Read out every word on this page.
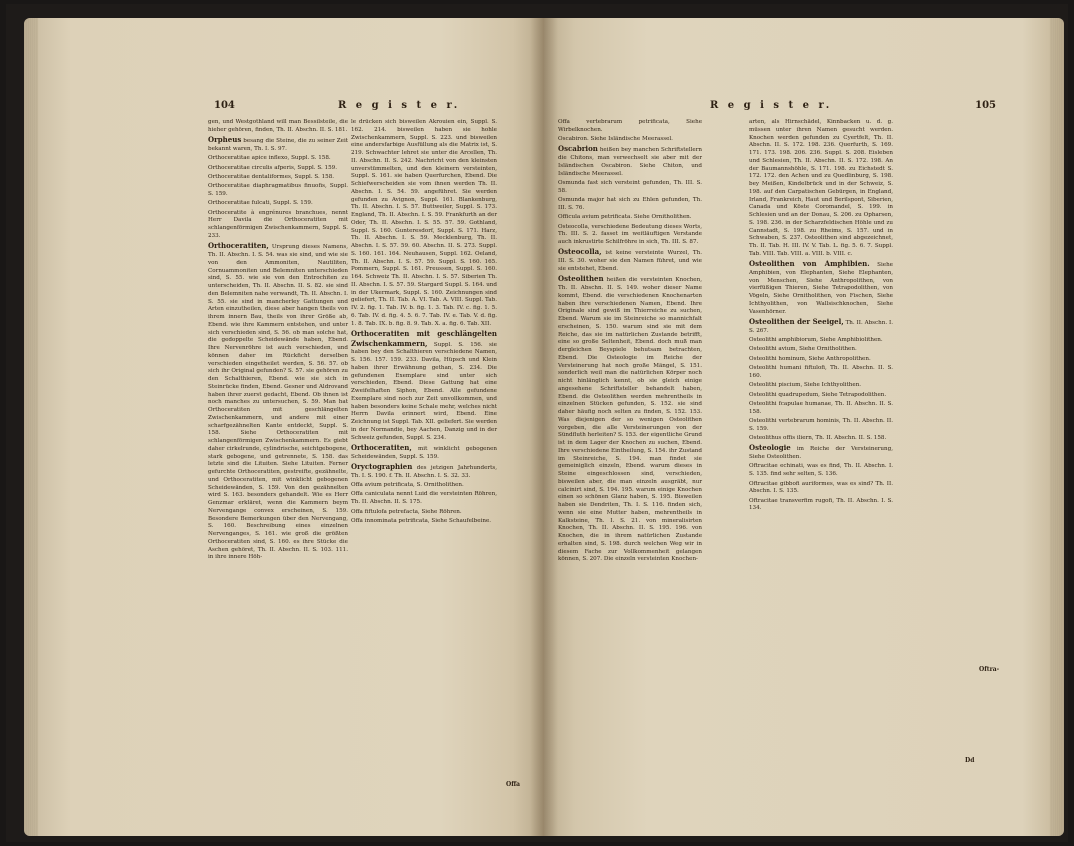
104	R e g i s t e r.

gen, und Westgothland will man Bessilsteile, die hieher gehören, finden, Th. II. Abschn. II. S. 181.

Orpheus besang die Steine, die zu seiner Zeit bekannt waren, Th. I. S. 97.

Orthoceratitae apice inflexo, Suppl. S. 158.

Orthoceratitae circulis afperis, Suppl. S. 159.

Orthoceratitae dentaliformes, Suppl. S. 158.

Orthoceratitae diaphragmatibus finuofis, Suppl. S. 159.

Orthoceratitae fulcati, Suppl. S. 159.

Orthoceratite à engrénures branchues, nennt Herr Davila die Orthoceratiten mit schlangenförmigen Zwischenkammern, Suppl. S. 233.

Orthoceratiten, Ursprung dieses Namens, Th. II. Abschn. I. S. 54. was sie sind, und wie sie von den Ammoniten, Nautiliten, Cornuammoniten und Belemniten unterschieden sind, S. 55. wie sie von den Entrochiten zu unterscheiden, Th. II. Abschn. II. S. 82. sie sind den Belemniten nahe verwandt, Th. II. Abschn. I. S. 55. sie sind in mancherley Gattungen und Arten einzutheilen, diese aber hangen theils von ihrem innern Bau, theils von ihrer Größe ab, Ebend. wie ihre Kammern entstehen, und unter sich verschieden sind, S. 56. ob man solche hat, die gedoppelte Scheidewände haben, Ebend. Ihre Nervenröhre ist auch verschieden, und können daher im Rückficht derselben verschieden eingetheilet werden, S. 56. 57. ob sich ihr Original gefunden? S. 57. sie gehören zu den Schalthieren, Ebend. wie sie sich in Steinrücke finden, Ebend. Gesner und Aldrovand haben ihrer zuerst gedacht, Ebend. Ob ihnen ist noch manches zu untersuchen, S. 59. Man hat Orthoceratiten mit geschlängelten Zwischenkammern, und andere mit einer scharfgezähnelten Kante entdeckt, Suppl. S. 158. Siehe Orthoceratiten mit schlangenförmigen Zwischenkammern. Es giebt daher cirkelrunde, cylindrische, seichtgebogene, stark gebogene, und getrennete, S. 158. das letzte sind die Lituiten. Siehe Lituiten. Ferner gefurchte Orthoceratiten, gestreifte, gezähnelte, und Orthoceratiten, mit winklicht gebogenen Scheidewänden, S. 159. Von den gezähnelten wird S. 163. besonders gehandelt. Wie es Herr Genzmar erkläret, wenn die Kammern beym Nervengange convex erscheinen, S. 159. Besondere Bemerkungen über den Nervengang, S. 160. Beschreibung eines einzelnen Nervenganges, S. 161. wie groß die größten Orthoceratiten sind, S. 160. es ihre Stücke die Aschen gehöret, Th. II. Abschn. II. S. 103. 111. in ihre innere Höh-

le drücken sich bisweilen Akrouien ein, Suppl. S. 162. 214. bisweilen haben sie hohle Zwischenkammern, Suppl. S. 223. und bisweilen eine andersfarbige Ausfüllung als die Matrix ist, S. 219. Schwachter lehret sie unter die Arcellen, Th. II. Abschn. II. S. 242. Nachricht von den kleinsten unverstümmelten, und den kleinern versteinten, Suppl. S. 161. sie haben Querfurchen, Ebend. Die Schiefwerscheiden sie vom ihnen werden Th. II. Abschn. I. S. 54. 59. angeführet. Sie werden gefunden zu Avignon, Suppl. 161. Blankenburg, Th. II. Abschn. I. S. 57. Buttweiler, Suppl. S. 173. England, Th. II. Abschn. I. S. 59. Frankfurth an der Oder, Th. II. Abschn. I. S. 55. 57. 59. Gothland, Suppl. S. 160. Gunteresdorf, Suppl. S. 171. Harz, Th. II. Abschn. I. S. 59. Mecklenburg, Th. II. Abschn. I. S. 57. 59. 60. Abschn. II. S. 273. Suppl. S. 160. 161. 164. Neuhausen, Suppl. 162. Oeland, Th. II. Abschn. I. S. 57. 59. Suppl. S. 160. 165. Pommern, Suppl. S. 161. Preussen, Suppl. S. 160. 164. Schweiz Th. II. Abschn. I. S. 57. Siberien Th. II. Abschn. I. S. 57. 59. Stargard Suppl. S. 164. und in der Ukermark, Suppl. S. 160. Zeichnungen sind geliefert, Th. II. Tab. A. VI. Tab. A. VIII. Suppl. Tab. IV. 2. fig. 1. Tab. IV. b. fig. 1. 3. Tab. IV. c. fig. 1. 5. 6. Tab. IV. d. fig. 4. 5. 6. 7. Tab. IV. e. Tab. V. d. fig. 1. 8. Tab. IX. b. fig. 8. 9. Tab. X. a. fig. 6. Tab. XII.

Orthoceratiten mit geschlängelten Zwischenkammern, Suppl. S. 156. sie haben bey den Schalthieren verschiedene Namen, S. 156. 157. 159. 233. Davila, Hüpsch und Klein haben ihrer Erwähnung gethan, S. 234. Die gefundenen Exemplare sind unter sich verschieden, Ebend. Diese Gattung hat eine Zweifelhaften Siphon, Ebend. Alle gefundene Exemplare sind noch zur Zeit unvollkommen, und haben besonders keine Schale mehr, welches nicht Herrn Davila erinnert wird, Ebend. Eine Zeichnung ist Suppl. Tab. XII. geliefert. Sie werden in der Normandie, bey Aachen, Danzig und in der Schweiz gefunden, Suppl. S. 234.

Orthoceratiten, mit winklicht gebogenen Scheidewänden, Suppl. S. 159.

Oryctographien des jetzigen Jahrhunderts, Th. I. S. 190. f. Th. II. Abschn. I. S. 32. 33.

Offa avium petrificata, S. Ornitholithen.

Offa caniculata nennt Luid die versteinten Röhren, Th. II. Abschn. II. S. 175.

Offa fiftulofa petrefacta, Siehe Röhren.

Offa innominata petrificata, Siehe Schaufelbeine.

Offa
R e g i s t e r.	105

Offa vertebrarum petrificata, Siehe Wirbelknochen.

Oscabiron. Siehe Isländische Meerassel.

Oscabrion heißen bey manchen Schriftstellern die Chitons, man verwechselt sie aber mit der Isländischen Oscabiron. Siehe Chiton, und Isländische Meerassel.

Osmunda fast sich versteint gefunden, Th. III. S. 58.

Osmunda major hat sich zu Ehlen gefunden, Th. III. S. 76.

Officula avium petrificata. Siehe Ornitholithen.

Osteocolla, verschiedene Bedeutung dieses Worts, Th. III. S. 2. fasset im weitläuftigen Verstande auch inkrustirte Schilfröhre in sich, Th. III. S. 87.

Osteocolla, ist keine versteinte Wurzel, Th. III. S. 30. woher sie den Namen führet, und wie sie entstehet, Ebend.

Osteolithen heißen die versteinten Knochen, Th. II. Abschn. II. S. 149. woher dieser Name kommt, Ebend. die verschiedenen Knochenarten haben ihre verschiedenen Namen, Ebend. Ihre Originale sind gewiß im Thierreiche zu suchen, Ebend. Warum sie im Steinreiche so mannichfalt erscheinen, S. 150. warum sind sie mit dem Reiche, das sie im natürlichen Zustande betrifft, eine so große Seltenheit, Ebend. doch muß man dergleichen Beyspiele behutsam betrachten, Ebend. Die Osteologie im Reiche der Versteinerung hat noch große Mängel, S. 151. sonderlich weil man die natürlichen Körper noch nicht hinlänglich kennt, ob sie gleich einige angesehene Schriftsteller behandelt haben, Ebend. die Osteolithen werden mehrentheils in einzelnen Stücken gefunden, S. 152. sie sind daher häufig noch selten zu finden, S. 152. 153. Was diejenigen der so wenigen Osteolithen vorgeben, die alle Versteinerungen von der Sündfluth herleiten? S. 153. der eigentliche Grund ist in dem Lager der Knochen zu suchen, Ebend. Ihre verschiedene Eintheilung, S. 154. ihr Zustand im Steinreiche, S. 194. man findet sie gemeiniglich einzeln, Ebend. warum dieses in Steine eingeschlossen sind, verschieden, bisweilen aber, die man einzeln ausgräbt, nur calcinirt sind, S. 194. 195. warum einige Knochen einen so schönen Glanz haben, S. 195. Bisweilen haben sie Dendriten, Th. I. S. 116. finden sich, wenn sie eine Mutter haben, mehrentheils in Kalksteine, Th. I. S. 21. von mineralisirten Knochen, Th. II. Abschn. II. S. 195. 196. von Knochen, die in ihrem natürlichen Zustande erhalten sind, S. 198. durch welchen Weg wir in diesem Fache zur Vollkommenheit gelangen können, S. 207. Die einzeln versteinten Knochen-

arten, als Hirnschädel, Kinnbacken u. d. g. müssen unter ihren Namen gesucht werden. Knochen werden gefunden zu Cyertfelt, Th. II. Abschn. II. S. 172. 198. 236. Querfurth, S. 169. 171. 173. 198. 206. 236. Suppl. S. 208. Eisleben und Schlesien, Th. II. Abschn. II. S. 172. 198. An der Baumannshöhle, S. 171. 198. zu Eichstedt S. 172. 172. den Achen und zu Quedlinburg, S. 198. bey Meißen, Kindelbrück und in der Schweiz, S. 198. auf den Carpatischen Gebürgen, in England, Irland, Frankreich, Haut und Berilspont, Siberien, Canada und Köste Coromandel, S. 199. in Schlesien und an der Donau, S. 206. zu Opharsen, S. 198. 236. in der Scharzfeldischen Höhle und zu Cannstadt, S. 198. zu Rheims, S. 157. und in Schwaben, S. 237. Osteolithen sind abgezeichnet, Th. II. Tab. H. III. IV. V. Tab. L. fig. 5. 6. 7. Suppl. Tab. VIII. Tab. VIII. a. VIII. b. VIII. c.

Osteolithen von Amphibien. Siehe Amphibien, von Elephanten, Siehe Elephanten, von Menschen, Siehe Anthropolithen, von vierfüßigen Thieren, Siehe Tetrapodolithen, von Vögeln, Siehe Ornitholithen, von Fischen, Siehe Ichthyolithen, von Wallsischknochen, Siehe Vasenhörner.

Osteolithen der Seeigel, Th. II. Abschn. I. S. 267.

Osteolithi amphibiorum, Siehe Amphibiolithen.

Osteolithi avium, Siehe Ornitholithen.

Osteolithi hominum, Siehe Anthropolithen.

Osteolithi humani fiftulofi, Th. II. Abschn. II. S. 160.

Osteolithi piscium, Siehe Ichthyolithen.

Osteolithi quadrupedum, Siehe Tetrapodolithen.

Osteolithi fcapulae humanae, Th. II. Abschn. II. S. 158.

Osteolithi vertebrarum hominis, Th. II. Abschn. II. S. 159.

Osteolithus offis iliern, Th. II. Abschn. II. S. 158.

Osteologie im Reiche der Versteinerung, Siehe Osteolithen.

Oftracitae echinati, was es find, Th. II. Abschn. I. S. 135. find sehr selten, S. 136.

Oftracitae gibbofi auriformes, was es sind? Th. II. Abschn. I. S. 135.

Oftracitae transverfim rugofi, Th. II. Abschn. I. S. 134.

Dd
Oftra-
